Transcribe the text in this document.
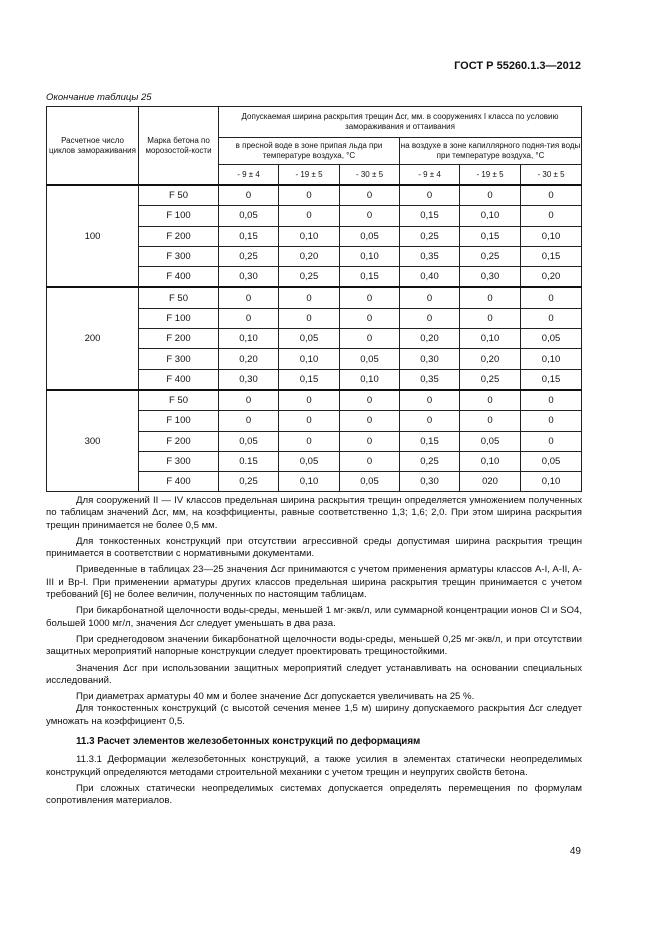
ГОСТ Р 55260.1.3—2012
Окончание таблицы 25
Расчетное число циклов замораживания	Марка бетона по морозостой-кости	Допускаемая ширина раскрытия трещин Δcr, мм. в сооружениях I класса по условию замораживания и оттаивания					
		в пресной воде в зоне припая льда при температуре воздуха, °С			на воздухе в зоне капиллярного подня-тия воды при температуре воздуха, °С		
		- 9 ± 4	- 19 ± 5	- 30 ± 5	- 9 ± 4	- 19 ± 5	- 30 ± 5
100	F 50	0	0	0	0	0	0
	F 100	0,05	0	0	0,15	0,10	0
	F 200	0,15	0,10	0,05	0,25	0,15	0,10
	F 300	0,25	0,20	0,10	0,35	0,25	0,15
	F 400	0,30	0,25	0,15	0,40	0,30	0,20
200	F 50	0	0	0	0	0	0
	F 100	0	0	0	0	0	0
	F 200	0,10	0,05	0	0,20	0,10	0,05
	F 300	0,20	0,10	0,05	0,30	0,20	0,10
	F 400	0,30	0,15	0,10	0,35	0,25	0,15
300	F 50	0	0	0	0	0	0
	F 100	0	0	0	0	0	0
	F 200	0,05	0	0	0,15	0,05	0
	F 300	0.15	0,05	0	0,25	0,10	0,05
	F 400	0,25	0,10	0,05	0,30	020	0,10

Для сооружений II — IV классов предельная ширина раскрытия трещин определяется умножением полученных по таблицам значений Δcr, мм, на коэффициенты, равные соответственно 1,3; 1,6; 2,0. При этом ширина раскрытия трещин принимается не более 0,5 мм.

Для тонкостенных конструкций при отсутствии агрессивной среды допустимая ширина раскрытия трещин принимается в соответствии с нормативными документами.

Приведенные в таблицах 23—25 значения Δcr принимаются с учетом применения арматуры классов A-I, A-II, A-III и Вр-I. При применении арматуры других классов предельная ширина раскрытия трещин принимается с учетом требований [6] не более величин, полученных по настоящим таблицам.

При бикарбонатной щелочности воды-среды, меньшей 1 мг·экв/л, или суммарной концентрации ионов Cl и SO4, большей 1000 мг/л, значения Δcr следует уменьшать в два раза.

При среднегодовом значении бикарбонатной щелочности воды-среды, меньшей 0,25 мг·экв/л, и при отсутствии защитных мероприятий напорные конструкции следует проектировать трещиностойкими.

Значения Δcr при использовании защитных мероприятий следует устанавливать на основании специальных исследований.

При диаметрах арматуры 40 мм и более значение Δcr допускается увеличивать на 25 %.

Для тонкостенных конструкций (с высотой сечения менее 1,5 м) ширину допускаемого раскрытия Δcr следует умножать на коэффициент 0,5.

11.3 Расчет элементов железобетонных конструкций по деформациям

11.3.1 Деформации железобетонных конструкций, а также усилия в элементах статически неопределимых конструкций определяются методами строительной механики с учетом трещин и неупругих свойств бетона.

При сложных статически неопределимых системах допускается определять перемещения по формулам сопротивления материалов.

49
